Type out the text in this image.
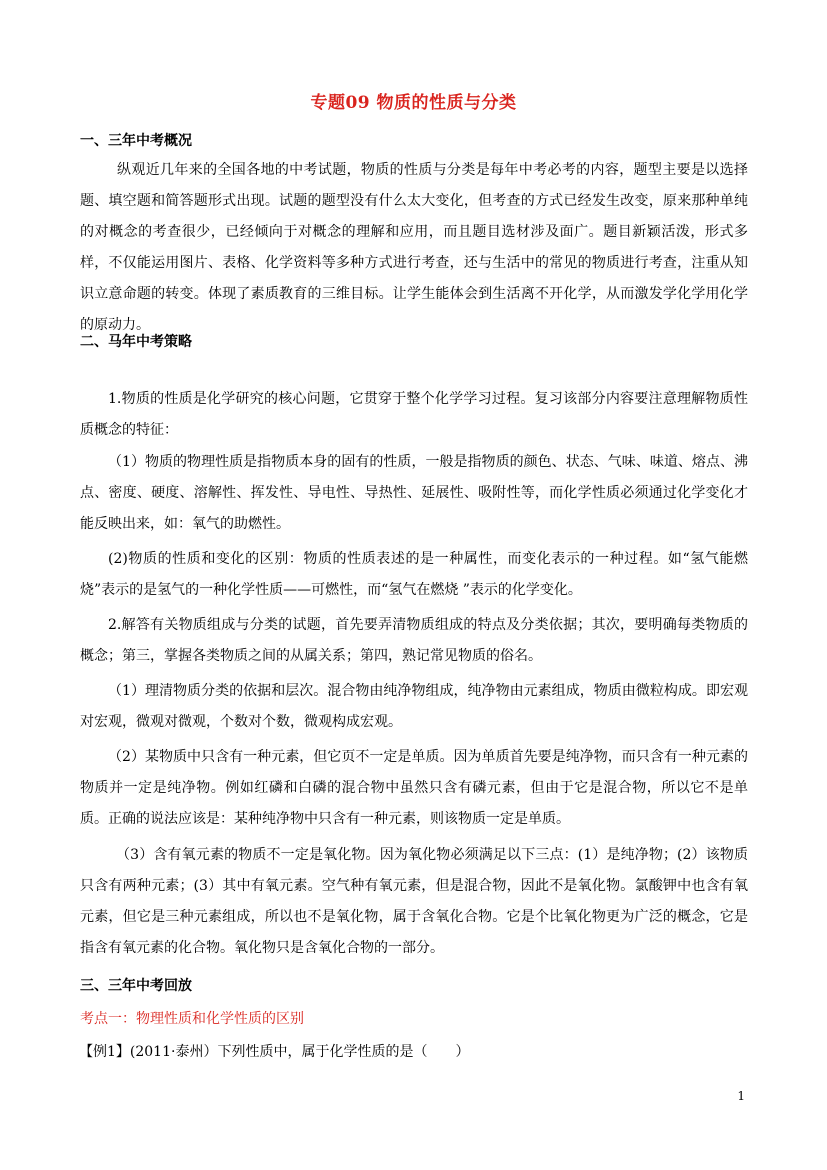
专题09 物质的性质与分类
一、三年中考概况
纵观近几年来的全国各地的中考试题，物质的性质与分类是每年中考必考的内容，题型主要是以选择题、填空题和简答题形式出现。试题的题型没有什么太大变化，但考查的方式已经发生改变，原来那种单纯的对概念的考查很少，已经倾向于对概念的理解和应用，而且题目选材涉及面广。题目新颖活泼，形式多样，不仅能运用图片、表格、化学资料等多种方式进行考查，还与生活中的常见的物质进行考查，注重从知识立意命题的转变。体现了素质教育的三维目标。让学生能体会到生活离不开化学，从而激发学化学用化学的原动力。
二、马年中考策略
1.物质的性质是化学研究的核心问题，它贯穿于整个化学学习过程。复习该部分内容要注意理解物质性质概念的特征：
（1）物质的物理性质是指物质本身的固有的性质，一般是指物质的颜色、状态、气味、味道、熔点、沸点、密度、硬度、溶解性、挥发性、导电性、导热性、延展性、吸附性等，而化学性质必须通过化学变化才能反映出来，如：氧气的助燃性。
(2)物质的性质和变化的区别：物质的性质表述的是一种属性，而变化表示的一种过程。如“氢气能燃烧”表示的是氢气的一种化学性质——可燃性，而“氢气在燃烧 ”表示的化学变化。
2.解答有关物质组成与分类的试题，首先要弄清物质组成的特点及分类依据；其次，要明确每类物质的概念；第三，掌握各类物质之间的从属关系；第四，熟记常见物质的俗名。
（1）理清物质分类的依据和层次。混合物由纯净物组成，纯净物由元素组成，物质由微粒构成。即宏观对宏观，微观对微观，个数对个数，微观构成宏观。
（2）某物质中只含有一种元素，但它页不一定是单质。因为单质首先要是纯净物，而只含有一种元素的物质并一定是纯净物。例如红磷和白磷的混合物中虽然只含有磷元素，但由于它是混合物，所以它不是单质。正确的说法应该是：某种纯净物中只含有一种元素，则该物质一定是单质。
（3）含有氧元素的物质不一定是氧化物。因为氧化物必须满足以下三点：(1）是纯净物；(2）该物质只含有两种元素；(3）其中有氧元素。空气种有氧元素，但是混合物，因此不是氧化物。氯酸钾中也含有氧元素，但它是三种元素组成，所以也不是氧化物，属于含氧化合物。它是个比氧化物更为广泛的概念，它是指含有氧元素的化合物。氧化物只是含氧化合物的一部分。
三、三年中考回放
考点一：物理性质和化学性质的区别
【例1】(2011·泰州）下列性质中，属于化学性质的是（　　）
1
